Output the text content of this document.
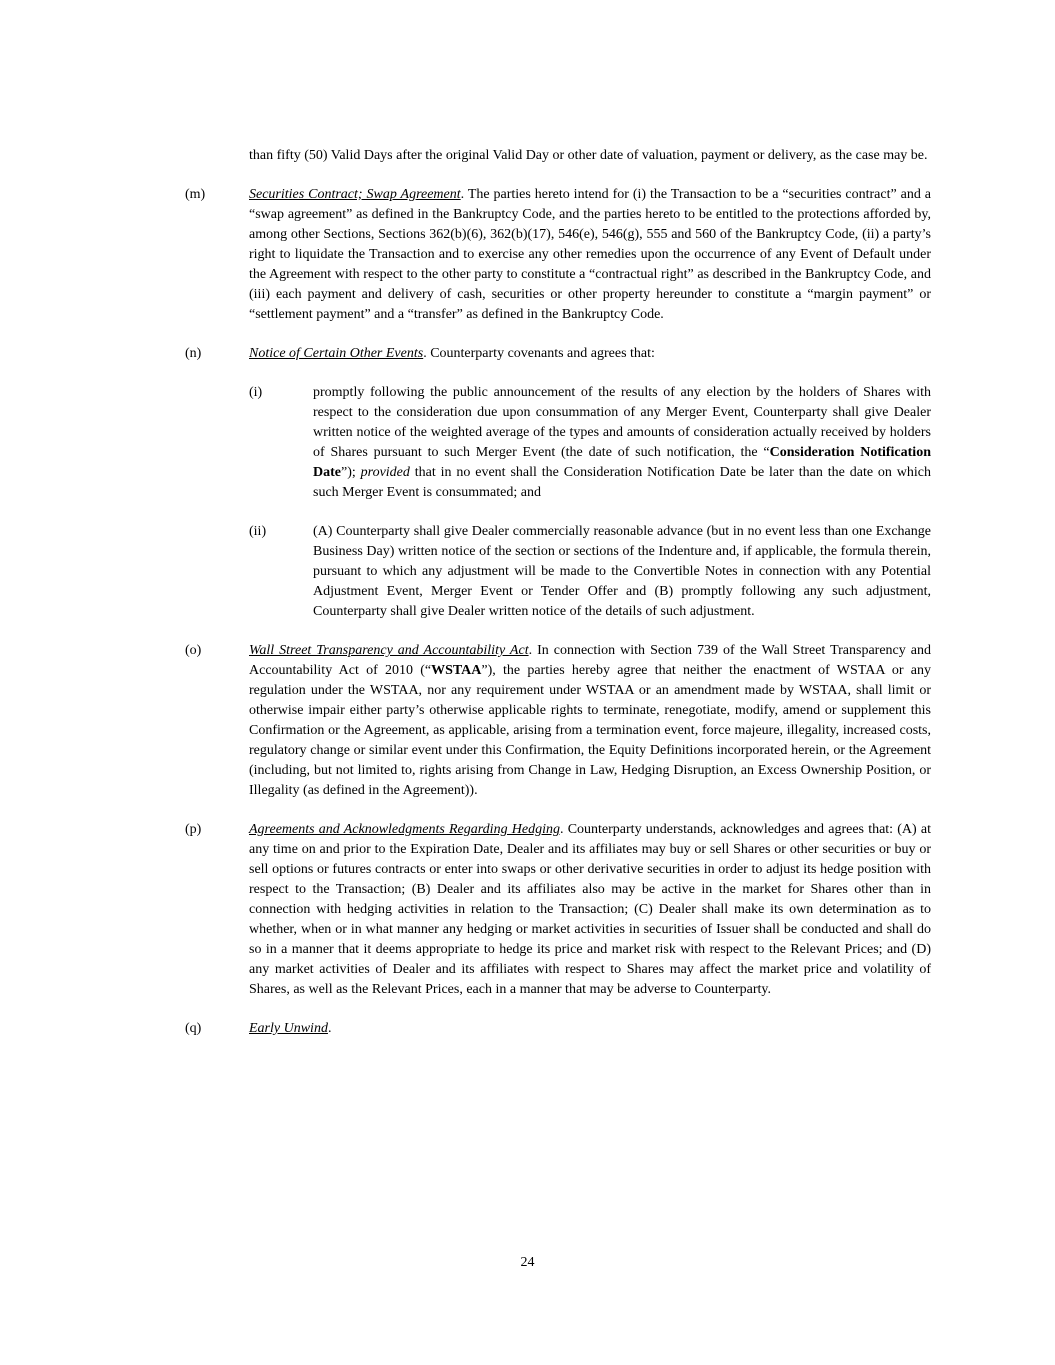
than fifty (50) Valid Days after the original Valid Day or other date of valuation, payment or delivery, as the case may be.

(m)	Securities Contract; Swap Agreement. The parties hereto intend for (i) the Transaction to be a “securities contract” and a “swap agreement” as defined in the Bankruptcy Code, and the parties hereto to be entitled to the protections afforded by, among other Sections, Sections 362(b)(6), 362(b)(17), 546(e), 546(g), 555 and 560 of the Bankruptcy Code, (ii) a party’s right to liquidate the Transaction and to exercise any other remedies upon the occurrence of any Event of Default under the Agreement with respect to the other party to constitute a “contractual right” as described in the Bankruptcy Code, and (iii) each payment and delivery of cash, securities or other property hereunder to constitute a “margin payment” or “settlement payment” and a “transfer” as defined in the Bankruptcy Code.
(n)	Notice of Certain Other Events. Counterparty covenants and agrees that:
(i)	promptly following the public announcement of the results of any election by the holders of Shares with respect to the consideration due upon consummation of any Merger Event, Counterparty shall give Dealer written notice of the weighted average of the types and amounts of consideration actually received by holders of Shares pursuant to such Merger Event (the date of such notification, the “Consideration Notification Date”); provided that in no event shall the Consideration Notification Date be later than the date on which such Merger Event is consummated; and
(ii)	(A) Counterparty shall give Dealer commercially reasonable advance (but in no event less than one Exchange Business Day) written notice of the section or sections of the Indenture and, if applicable, the formula therein, pursuant to which any adjustment will be made to the Convertible Notes in connection with any Potential Adjustment Event, Merger Event or Tender Offer and (B) promptly following any such adjustment, Counterparty shall give Dealer written notice of the details of such adjustment.
(o)	Wall Street Transparency and Accountability Act. In connection with Section 739 of the Wall Street Transparency and Accountability Act of 2010 (“WSTAA”), the parties hereby agree that neither the enactment of WSTAA or any regulation under the WSTAA, nor any requirement under WSTAA or an amendment made by WSTAA, shall limit or otherwise impair either party’s otherwise applicable rights to terminate, renegotiate, modify, amend or supplement this Confirmation or the Agreement, as applicable, arising from a termination event, force majeure, illegality, increased costs, regulatory change or similar event under this Confirmation, the Equity Definitions incorporated herein, or the Agreement (including, but not limited to, rights arising from Change in Law, Hedging Disruption, an Excess Ownership Position, or Illegality (as defined in the Agreement)).
(p)	Agreements and Acknowledgments Regarding Hedging. Counterparty understands, acknowledges and agrees that: (A) at any time on and prior to the Expiration Date, Dealer and its affiliates may buy or sell Shares or other securities or buy or sell options or futures contracts or enter into swaps or other derivative securities in order to adjust its hedge position with respect to the Transaction; (B) Dealer and its affiliates also may be active in the market for Shares other than in connection with hedging activities in relation to the Transaction; (C) Dealer shall make its own determination as to whether, when or in what manner any hedging or market activities in securities of Issuer shall be conducted and shall do so in a manner that it deems appropriate to hedge its price and market risk with respect to the Relevant Prices; and (D) any market activities of Dealer and its affiliates with respect to Shares may affect the market price and volatility of Shares, as well as the Relevant Prices, each in a manner that may be adverse to Counterparty.
(q)	Early Unwind.
24
